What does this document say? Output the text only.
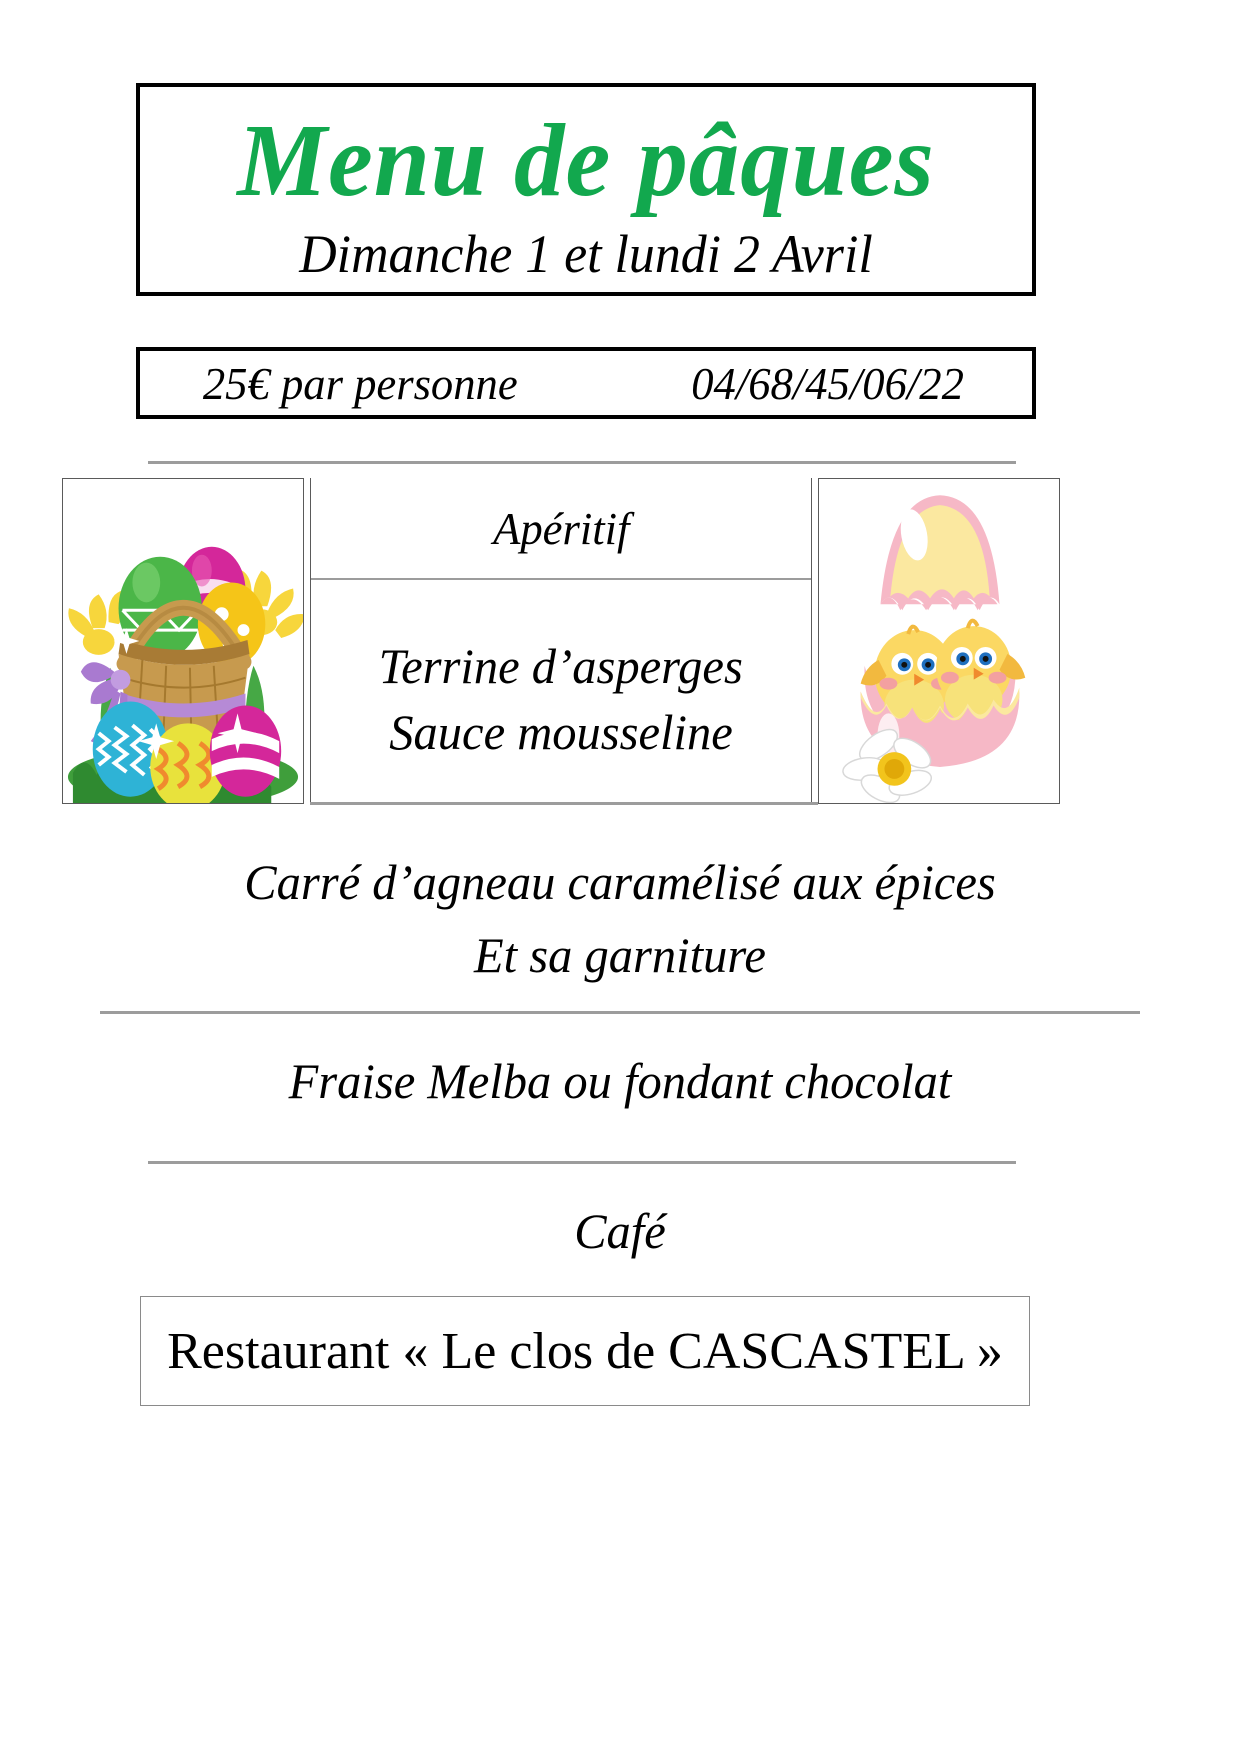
Menu de pâques
Dimanche 1 et lundi 2 Avril
25€ par personne	04/68/45/06/22
Apéritif
Terrine d’asperges
Sauce mousseline
Carré d’agneau caramélisé aux épices
Et sa garniture
Fraise Melba ou fondant chocolat
Café
Restaurant « Le clos de CASCASTEL »
